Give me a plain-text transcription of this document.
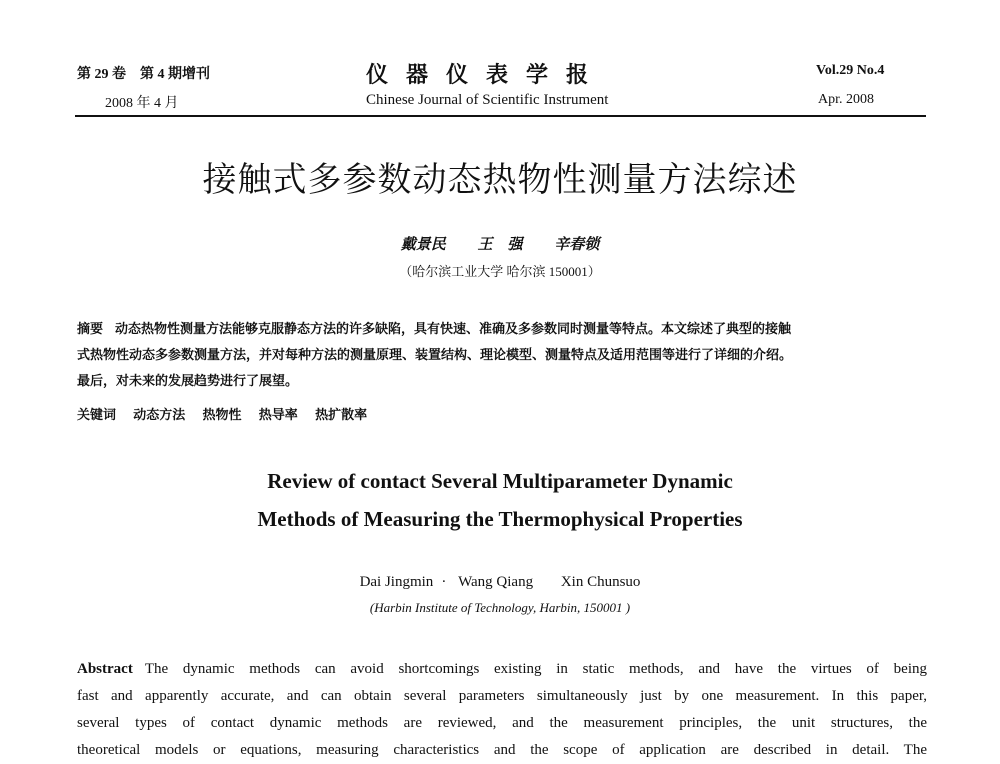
第 29 卷　第 4 期增刊
2008 年 4 月
仪器仪表学报
Chinese Journal of Scientific Instrument
Vol.29 No.4
Apr. 2008
接触式多参数动态热物性测量方法综述
戴景民 王　强 辛春锁
（哈尔滨工业大学 哈尔滨 150001）
摘要 动态热物性测量方法能够克服静态方法的许多缺陷，具有快速、准确及多参数同时测量等特点。本文综述了典型的接触
式热物性动态多参数测量方法，并对每种方法的测量原理、装置结构、理论模型、测量特点及适用范围等进行了详细的介绍。
最后，对未来的发展趋势进行了展望。
关键词 动态方法 热物性 热导率 热扩散率
Review of contact Several Multiparameter Dynamic
Methods of Measuring the Thermophysical Properties
Dai Jingmin · Wang Qiang Xin Chunsuo
(Harbin Institute of Technology, Harbin, 150001 )
Abstract The dynamic methods can avoid shortcomings existing in static methods, and have the virtues of being
fast and apparently accurate, and can obtain several parameters simultaneously just by one measurement. In this paper,
several types of contact dynamic methods are reviewed, and the measurement principles, the unit structures, the
theoretical models or equations, measuring characteristics and the scope of application are described in detail. The
